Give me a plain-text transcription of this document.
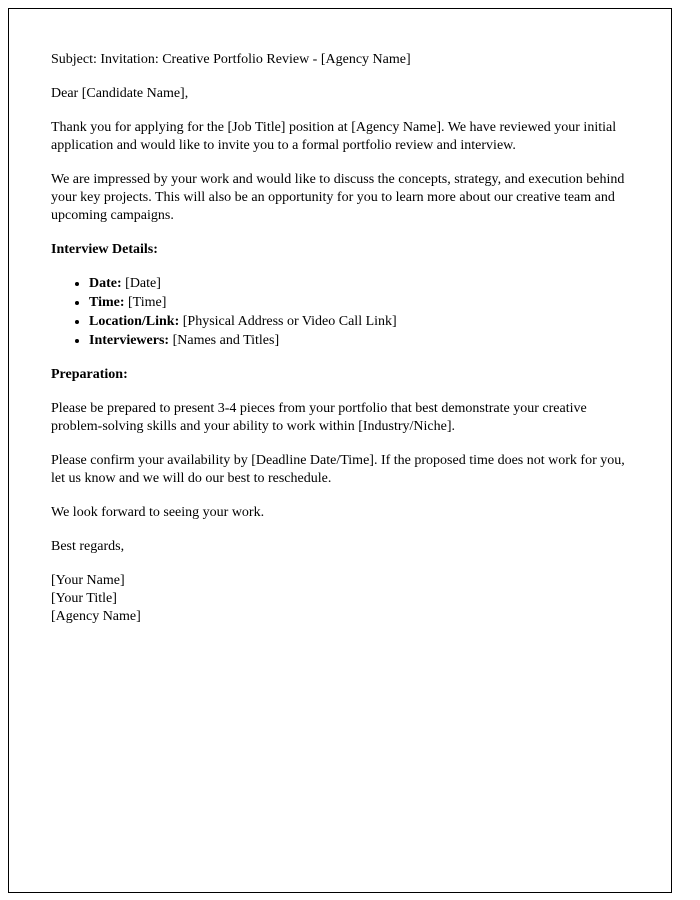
Subject: Invitation: Creative Portfolio Review - [Agency Name]

Dear [Candidate Name],

Thank you for applying for the [Job Title] position at [Agency Name]. We have reviewed your initial application and would like to invite you to a formal portfolio review and interview.

We are impressed by your work and would like to discuss the concepts, strategy, and execution behind your key projects. This will also be an opportunity for you to learn more about our creative team and upcoming campaigns.

Interview Details:

• Date: [Date]
• Time: [Time]
• Location/Link: [Physical Address or Video Call Link]
• Interviewers: [Names and Titles]

Preparation:

Please be prepared to present 3-4 pieces from your portfolio that best demonstrate your creative problem-solving skills and your ability to work within [Industry/Niche].

Please confirm your availability by [Deadline Date/Time]. If the proposed time does not work for you, let us know and we will do our best to reschedule.

We look forward to seeing your work.

Best regards,

[Your Name]

[Your Title]

[Agency Name]
